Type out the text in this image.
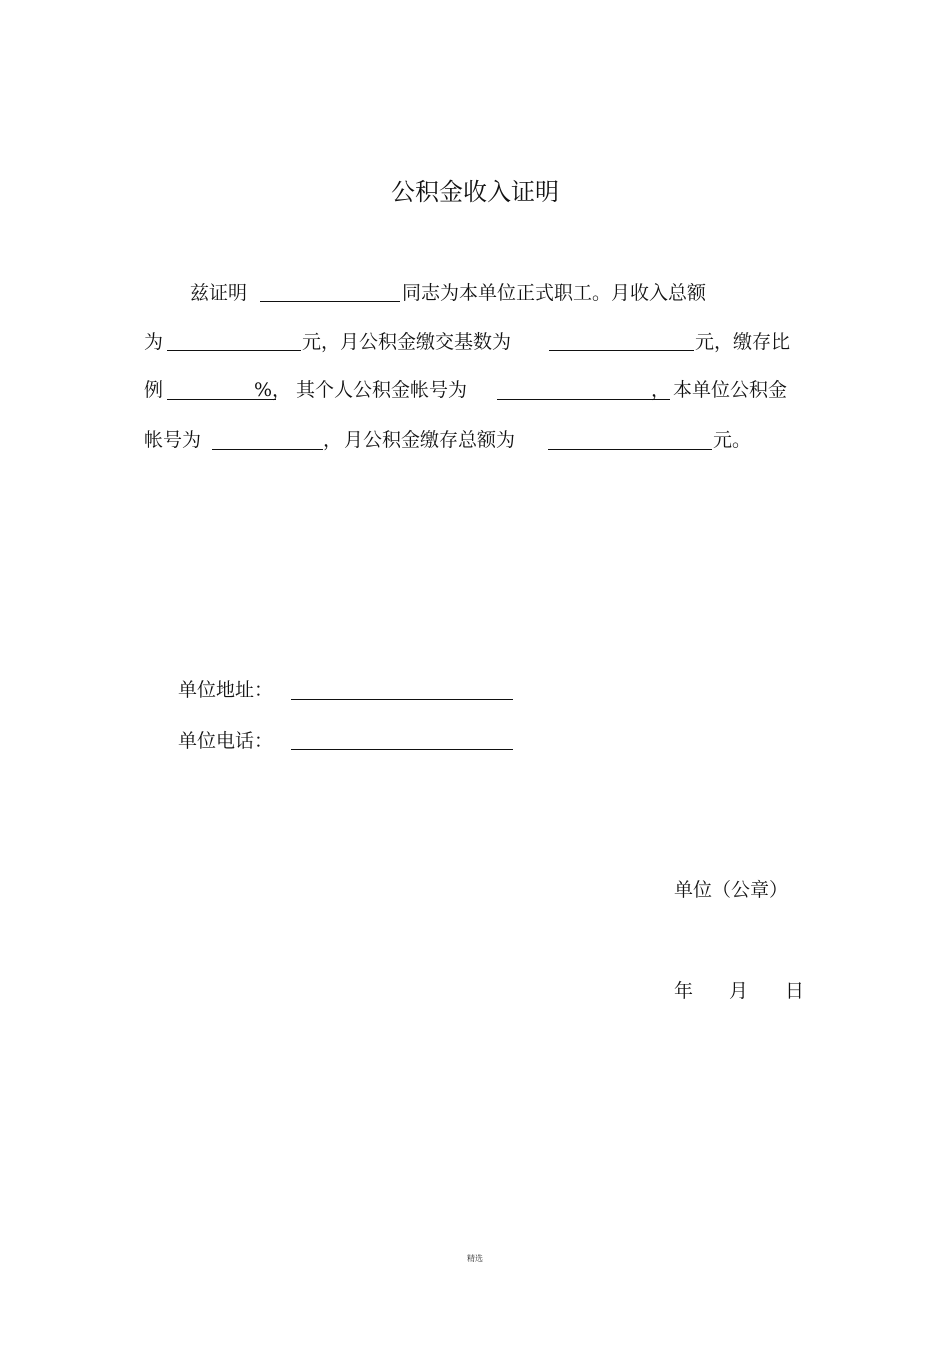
公积金收入证明
兹证明	同志为本单位正式职工。月收入总额
为	元，月公积金缴交基数为	元，缴存比
例	%， 其个人公积金帐号为	， 本单位公积金
帐号为	， 月公积金缴存总额为	元。
单位地址：
单位电话：
单位（公章）
年 月 日
精选
